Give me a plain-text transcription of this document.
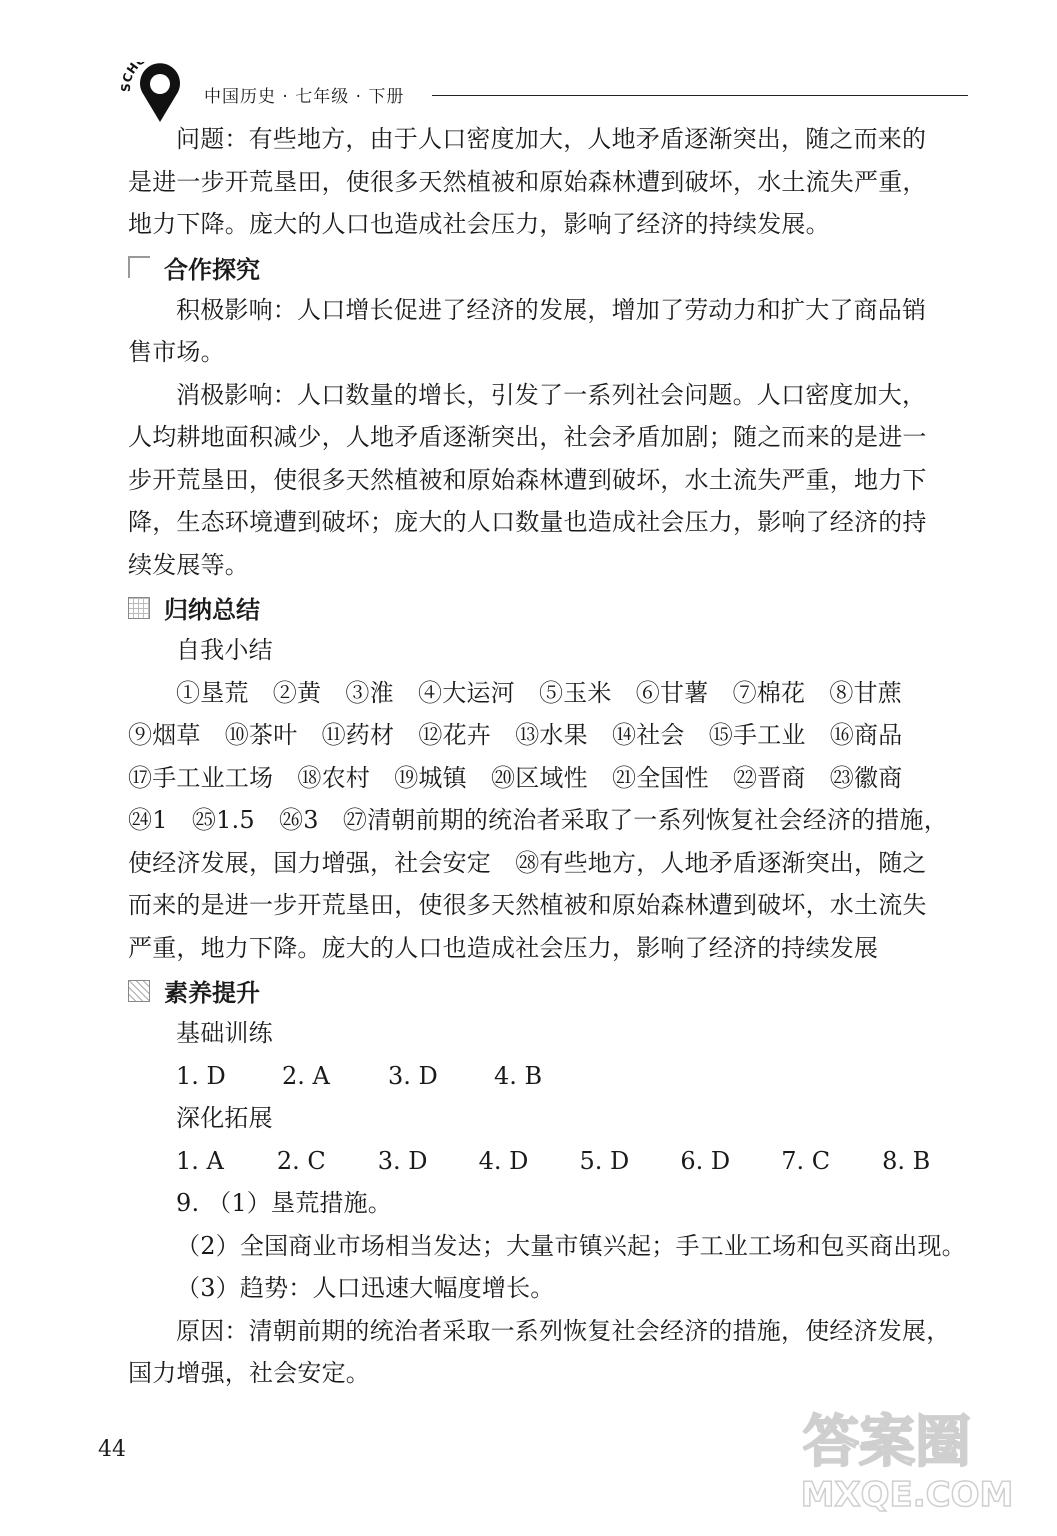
SCH
中国历史 · 七年级 · 下册

问题：有些地方，由于人口密度加大，人地矛盾逐渐突出，随之而来的

是进一步开荒垦田，使很多天然植被和原始森林遭到破坏，水土流失严重，

地力下降。庞大的人口也造成社会压力，影响了经济的持续发展。

合作探究

积极影响：人口增长促进了经济的发展，增加了劳动力和扩大了商品销

售市场。

消极影响：人口数量的增长，引发了一系列社会问题。人口密度加大，

人均耕地面积减少，人地矛盾逐渐突出，社会矛盾加剧；随之而来的是进一

步开荒垦田，使很多天然植被和原始森林遭到破坏，水土流失严重，地力下

降，生态环境遭到破坏；庞大的人口数量也造成社会压力，影响了经济的持

续发展等。

归纳总结

自我小结

①垦荒　②黄　③淮　④大运河　⑤玉米　⑥甘薯　⑦棉花　⑧甘蔗

⑨烟草　⑩茶叶　⑪药材　⑫花卉　⑬水果　⑭社会　⑮手工业　⑯商品

⑰手工业工场　⑱农村　⑲城镇　⑳区域性　㉑全国性　㉒晋商　㉓徽商

㉔1　㉕1.5　㉖3　㉗清朝前期的统治者采取了一系列恢复社会经济的措施，

使经济发展，国力增强，社会安定　㉘有些地方，人地矛盾逐渐突出，随之

而来的是进一步开荒垦田，使很多天然植被和原始森林遭到破坏，水土流失

严重，地力下降。庞大的人口也造成社会压力，影响了经济的持续发展

素养提升

基础训练

1. D	2. A	3. D	4. B

深化拓展

1. A	2. C	3. D	4. D	5. D	6. D	7. C	8. B

9. （1）垦荒措施。

（2）全国商业市场相当发达；大量市镇兴起；手工业工场和包买商出现。

（3）趋势：人口迅速大幅度增长。

原因：清朝前期的统治者采取一系列恢复社会经济的措施，使经济发展，

国力增强，社会安定。

44	答案圈
MXQE.COM
